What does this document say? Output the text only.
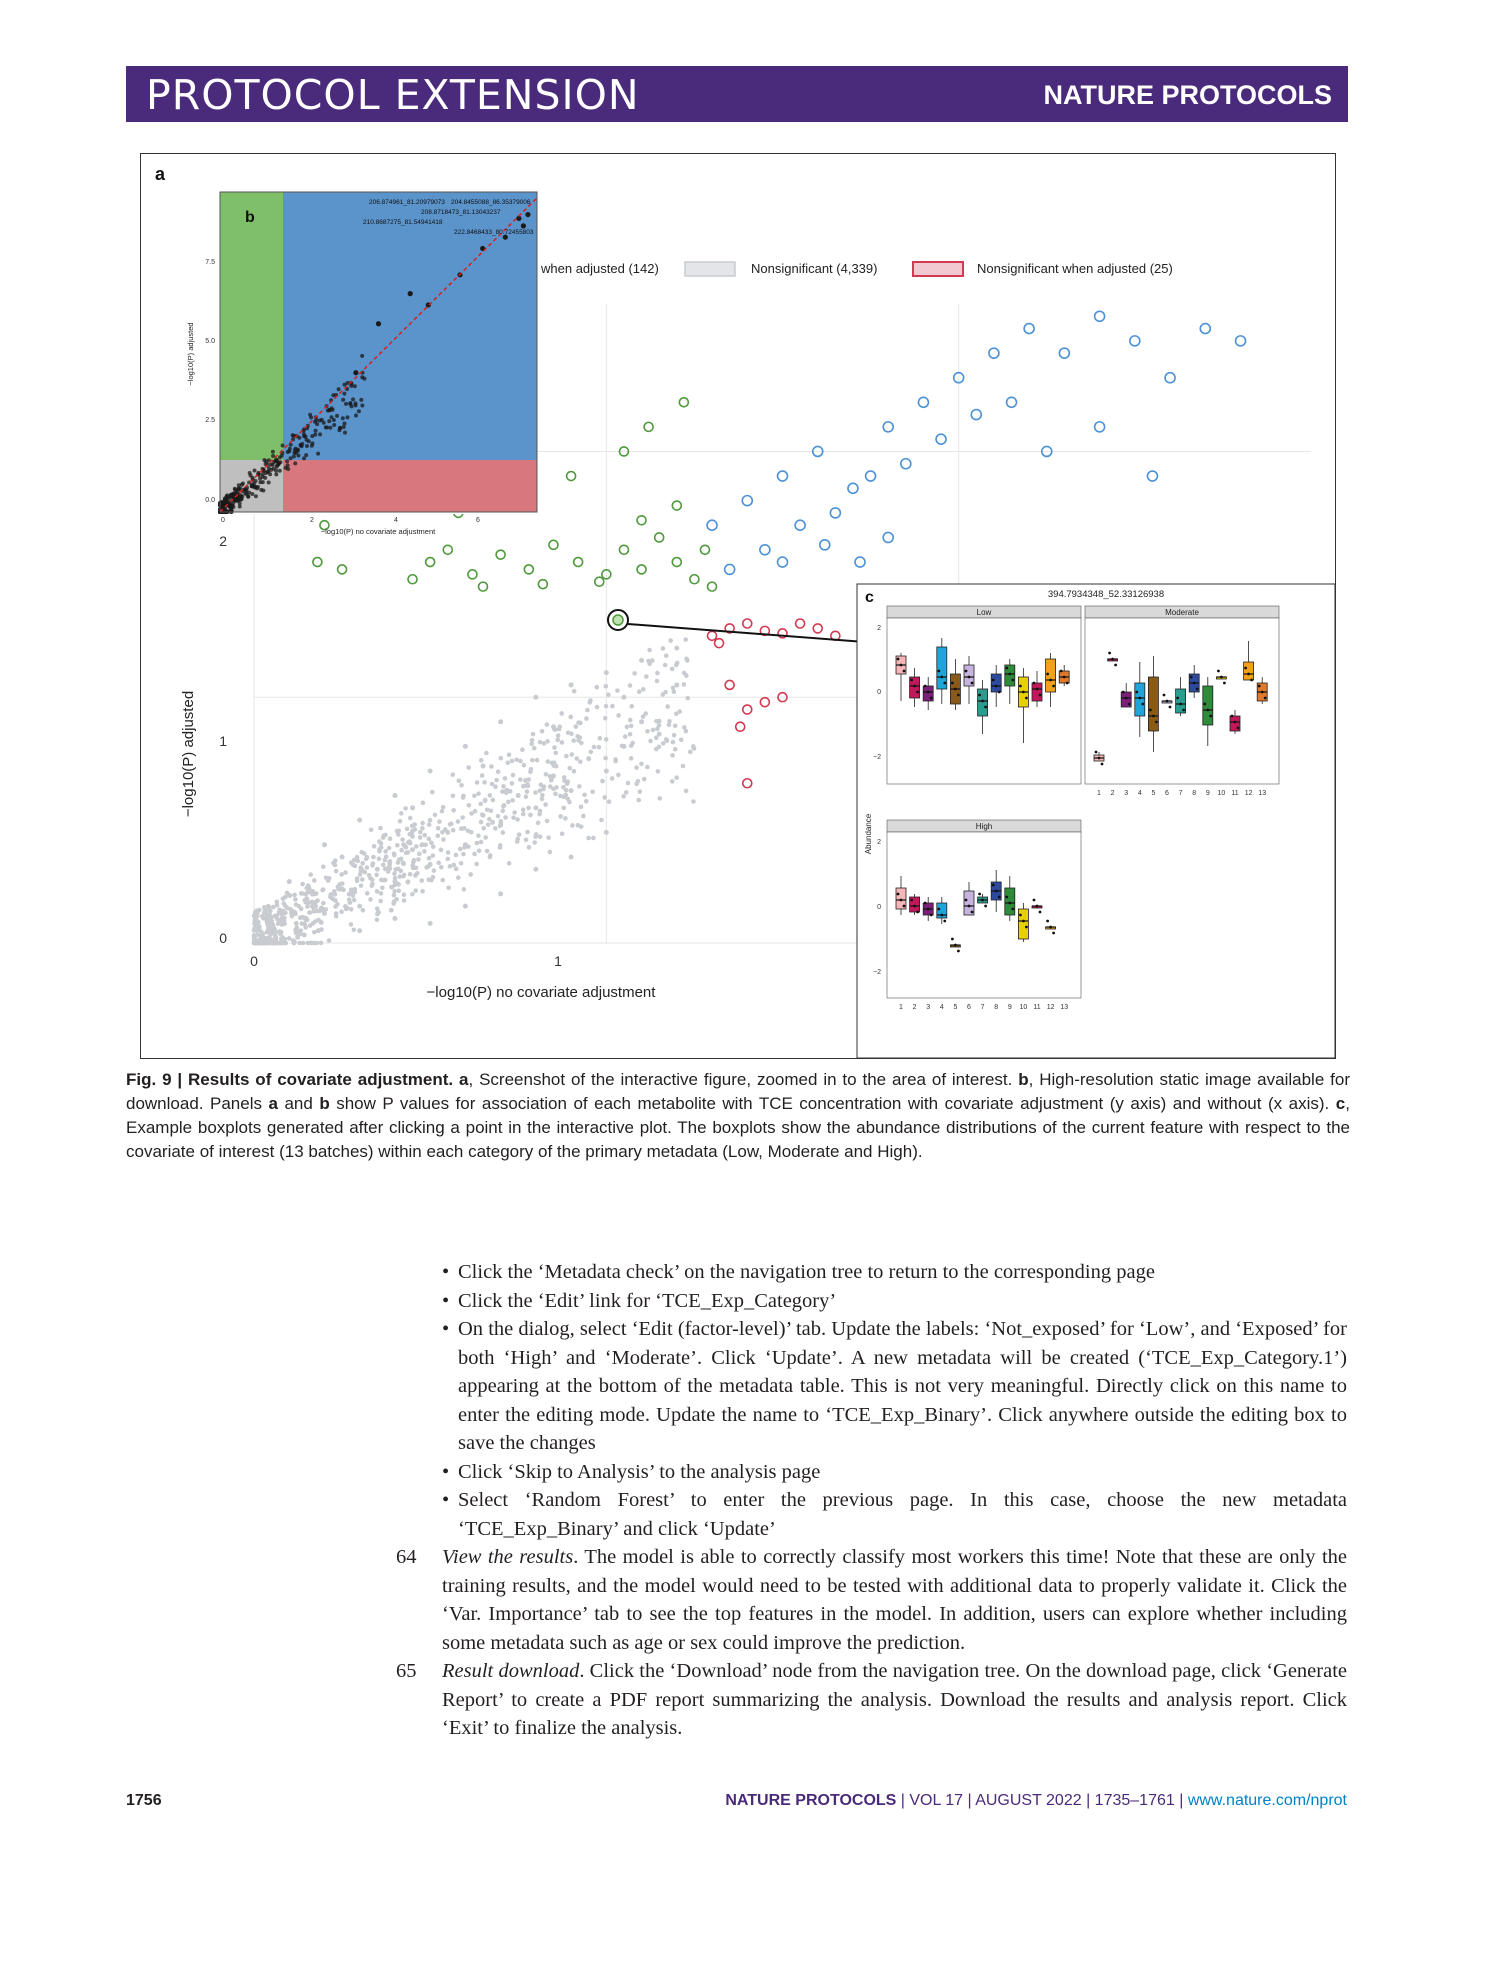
PROTOCOL EXTENSION	NATURE PROTOCOLS
a
0
1
2
0	1
−log10(P) no covariate adjustment
−log10(P) adjusted
when adjusted (142)	Nonsignificant (4,339)	Nonsignificant when adjusted (25)
b
206.874961_81.20979073 204.8455088_86.35379006
208.8718473_81.13043237
210.8687275_81.54941418
222.8468433_80.72455803
7.5
5.0
2.5
0.0
0	2	4	6
−log10(P) no covariate adjustment
−log10(P) adjusted
c	394.7934348_52.33126938
Abundance
Low
2
0
−2
Moderate
1 2 3 4 5 6 7 8 9 10 11 12 13
High
2
0
−2
1 2 3 4 5 6 7 8 9 10 11 12 13
Fig. 9 | Results of covariate adjustment. a, Screenshot of the interactive figure, zoomed in to the area of interest. b, High-resolution static image available for download. Panels a and b show P values for association of each metabolite with TCE concentration with covariate adjustment (y axis) and without (x axis). c, Example boxplots generated after clicking a point in the interactive plot. The boxplots show the abundance distributions of the current feature with respect to the covariate of interest (13 batches) within each category of the primary metadata (Low, Moderate and High).
• Click the ‘Metadata check’ on the navigation tree to return to the corresponding page
• Click the ‘Edit’ link for ‘TCE_Exp_Category’
• On the dialog, select ‘Edit (factor-level)’ tab. Update the labels: ‘Not_exposed’ for ‘Low’, and ‘Exposed’ for both ‘High’ and ‘Moderate’. Click ‘Update’. A new metadata will be created (‘TCE_Exp_Category.1’) appearing at the bottom of the metadata table. This is not very meaningful. Directly click on this name to enter the editing mode. Update the name to ‘TCE_Exp_Binary’. Click anywhere outside the editing box to save the changes
• Click ‘Skip to Analysis’ to the analysis page
• Select ‘Random Forest’ to enter the previous page. In this case, choose the new metadata ‘TCE_Exp_Binary’ and click ‘Update’
64 View the results. The model is able to correctly classify most workers this time! Note that these are only the training results, and the model would need to be tested with additional data to properly validate it. Click the ‘Var. Importance’ tab to see the top features in the model. In addition, users can explore whether including some metadata such as age or sex could improve the prediction.
65 Result download. Click the ‘Download’ node from the navigation tree. On the download page, click ‘Generate Report’ to create a PDF report summarizing the analysis. Download the results and analysis report. Click ‘Exit’ to finalize the analysis.
1756	NATURE PROTOCOLS | VOL 17 | AUGUST 2022 | 1735–1761 | www.nature.com/nprot
